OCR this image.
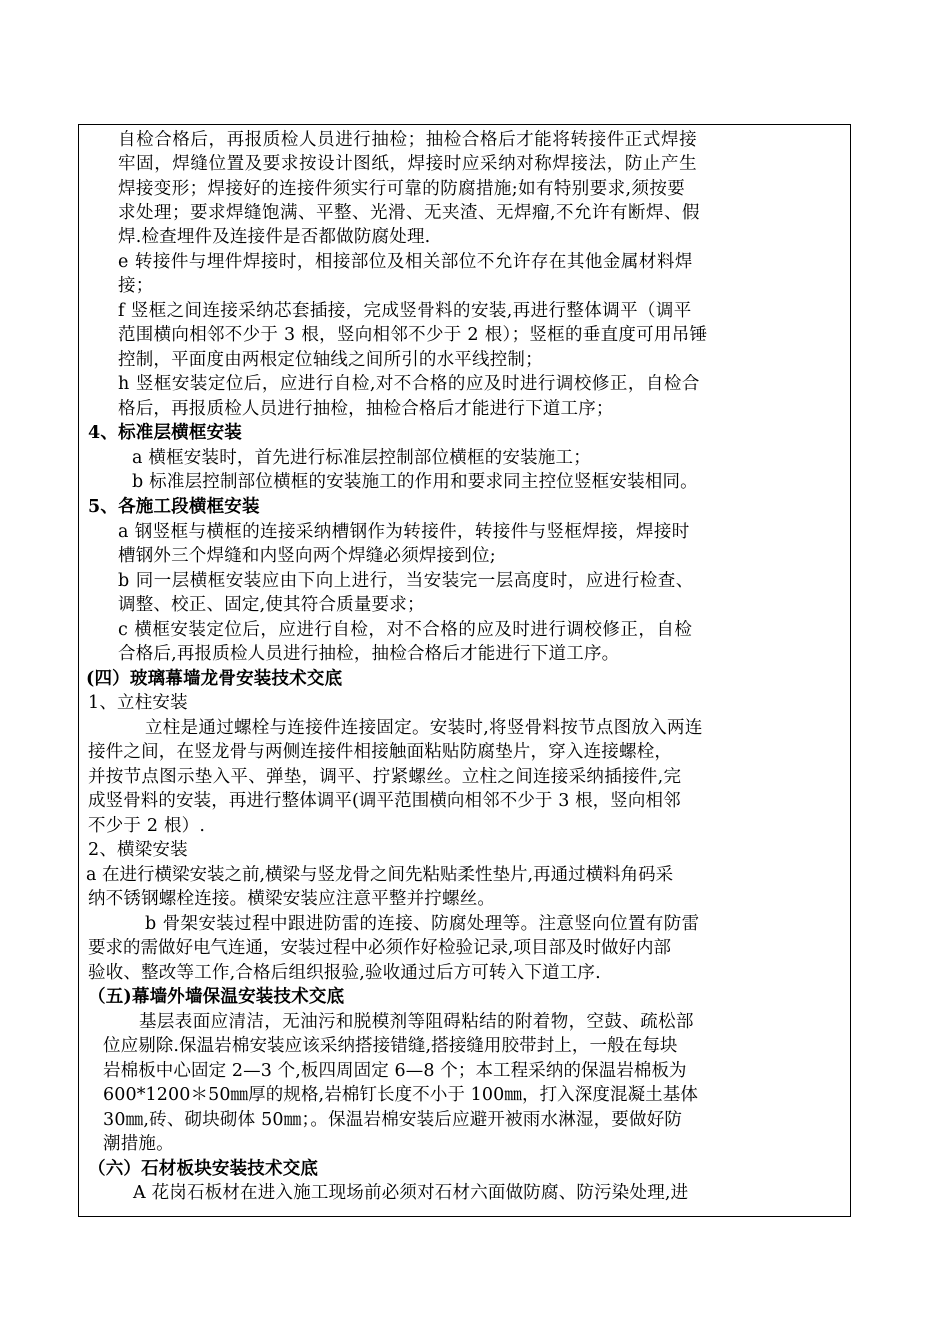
自检合格后，再报质检人员进行抽检；抽检合格后才能将转接件正式焊接
牢固，焊缝位置及要求按设计图纸，焊接时应采纳对称焊接法，防止产生
焊接变形；焊接好的连接件须实行可靠的防腐措施;如有特别要求,须按要
求处理；要求焊缝饱满、平整、光滑、无夹渣、无焊瘤,不允许有断焊、假
焊.检查埋件及连接件是否都做防腐处理.
e 转接件与埋件焊接时，相接部位及相关部位不允许存在其他金属材料焊
接；
f 竖框之间连接采纳芯套插接，完成竖骨料的安装,再进行整体调平（调平
范围横向相邻不少于 3 根，竖向相邻不少于 2 根）；竖框的垂直度可用吊锤
控制，平面度由两根定位轴线之间所引的水平线控制；
h 竖框安装定位后，应进行自检,对不合格的应及时进行调校修正，自检合
格后，再报质检人员进行抽检，抽检合格后才能进行下道工序；
4、标准层横框安装
a 横框安装时，首先进行标准层控制部位横框的安装施工；
b 标准层控制部位横框的安装施工的作用和要求同主控位竖框安装相同。
5、各施工段横框安装
a 钢竖框与横框的连接采纳槽钢作为转接件，转接件与竖框焊接，焊接时
槽钢外三个焊缝和内竖向两个焊缝必须焊接到位;
b 同一层横框安装应由下向上进行，当安装完一层高度时，应进行检查、
调整、校正、固定,使其符合质量要求；
c 横框安装定位后，应进行自检，对不合格的应及时进行调校修正，自检
合格后,再报质检人员进行抽检，抽检合格后才能进行下道工序。
(四）玻璃幕墙龙骨安装技术交底
1、立柱安装
立柱是通过螺栓与连接件连接固定。安装时,将竖骨料按节点图放入两连
接件之间，在竖龙骨与两侧连接件相接触面粘贴防腐垫片，穿入连接螺栓，
并按节点图示垫入平、弹垫，调平、拧紧螺丝。立柱之间连接采纳插接件,完
成竖骨料的安装，再进行整体调平(调平范围横向相邻不少于 3 根，竖向相邻
不少于 2 根）.
2、横梁安装
a 在进行横梁安装之前,横梁与竖龙骨之间先粘贴柔性垫片,再通过横料角码采
纳不锈钢螺栓连接。横梁安装应注意平整并拧螺丝。
b 骨架安装过程中跟进防雷的连接、防腐处理等。注意竖向位置有防雷
要求的需做好电气连通，安装过程中必须作好检验记录,项目部及时做好内部
验收、整改等工作,合格后组织报验,验收通过后方可转入下道工序.
（五)幕墙外墙保温安装技术交底
基层表面应清洁，无油污和脱模剂等阻碍粘结的附着物，空鼓、疏松部
位应剔除.保温岩棉安装应该采纳搭接错缝,搭接缝用胶带封上，一般在每块
岩棉板中心固定 2—3 个,板四周固定 6—8 个；本工程采纳的保温岩棉板为
600*1200＊50㎜厚的规格,岩棉钉长度不小于 100㎜，打入深度混凝土基体
30㎜,砖、砌块砌体 50㎜；。保温岩棉安装后应避开被雨水淋湿，要做好防
潮措施。
（六）石材板块安装技术交底
A 花岗石板材在进入施工现场前必须对石材六面做防腐、防污染处理,进
